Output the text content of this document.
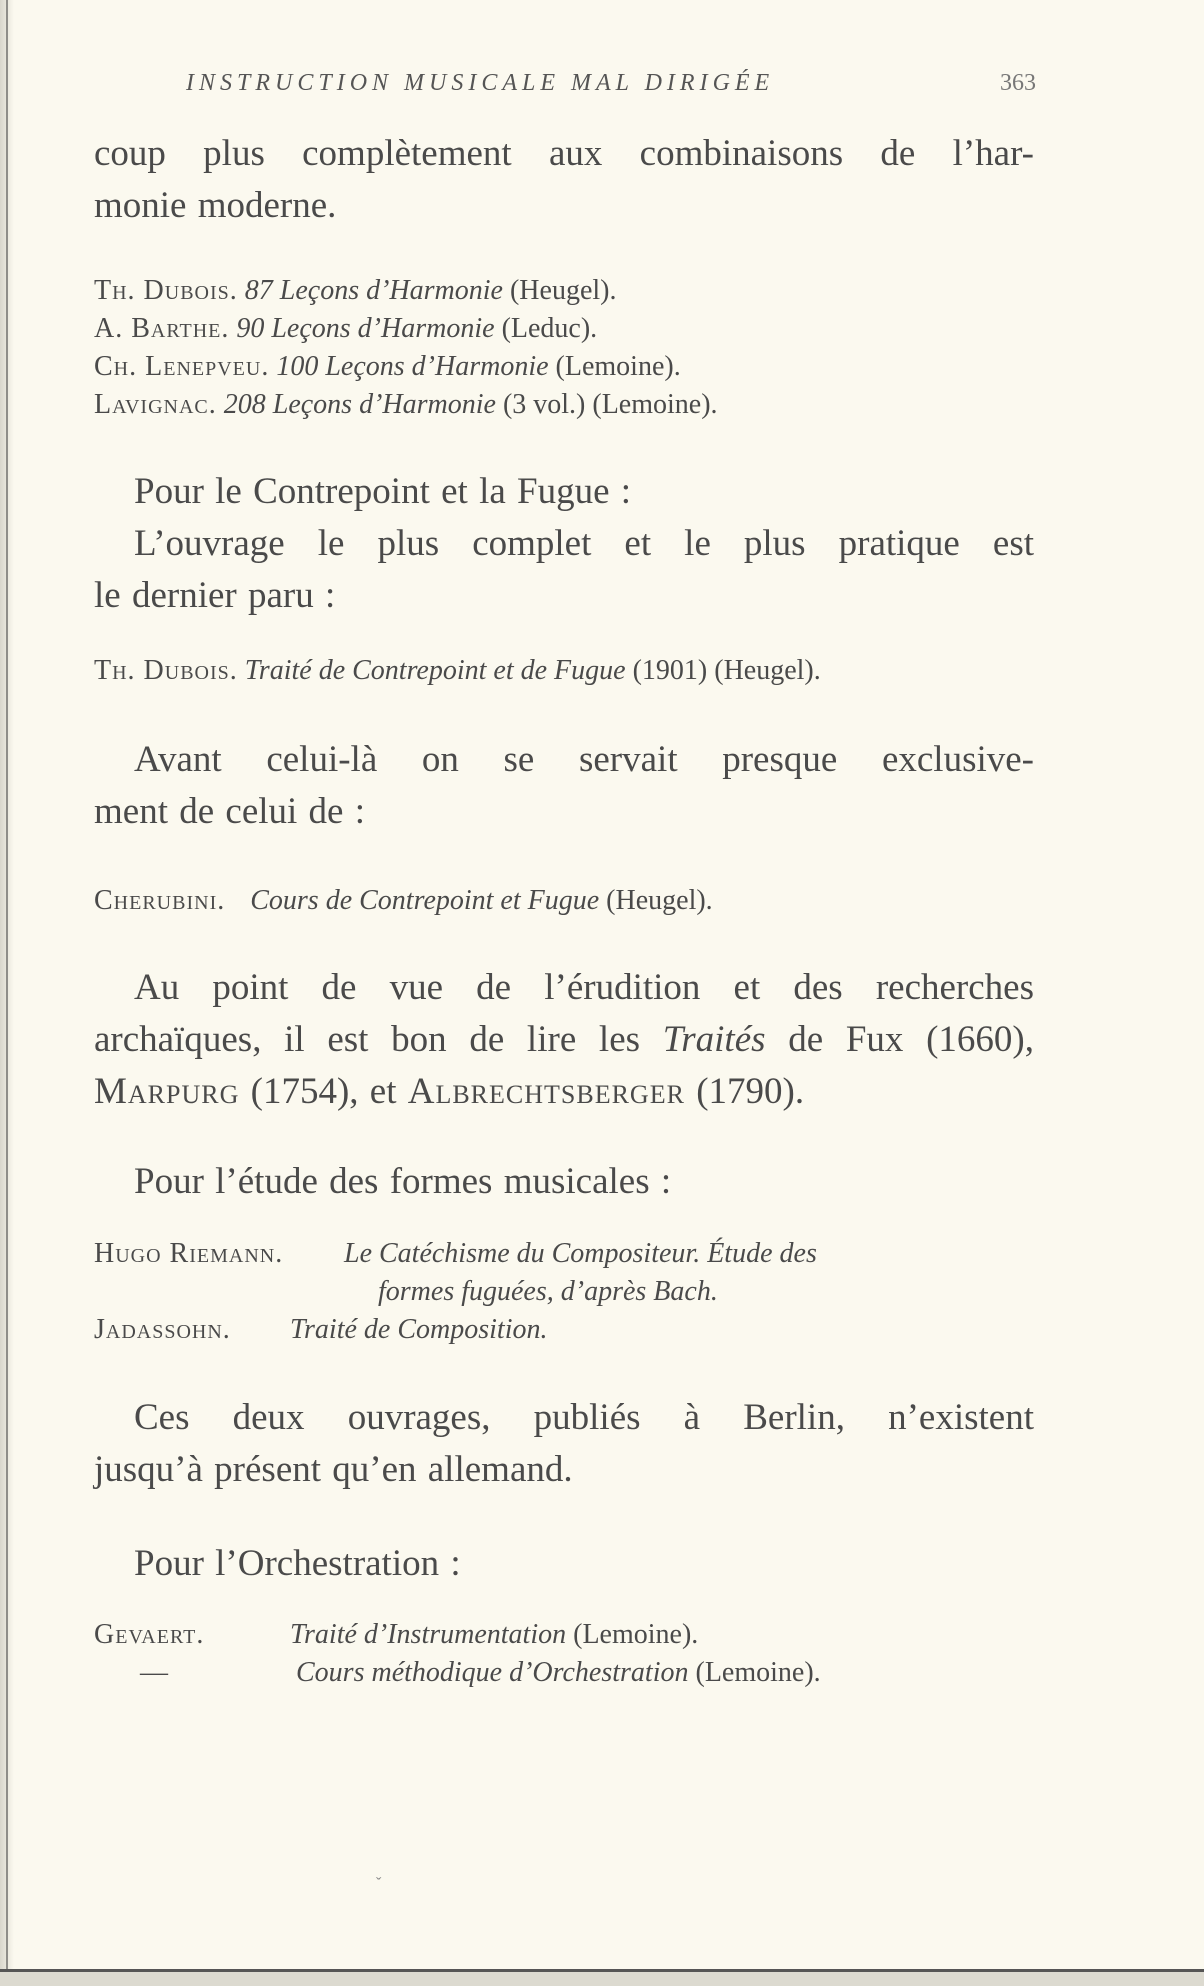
INSTRUCTION MUSICALE MAL DIRIGÉE	363
coup plus complètement aux combinaisons de l’har-
monie moderne.
Th. Dubois. 87 Leçons d’Harmonie (Heugel).
A. Barthe. 90 Leçons d’Harmonie (Leduc).
Ch. Lenepveu. 100 Leçons d’Harmonie (Lemoine).
Lavignac. 208 Leçons d’Harmonie (3 vol.) (Lemoine).
Pour le Contrepoint et la Fugue :
L’ouvrage le plus complet et le plus pratique est
le dernier paru :
Th. Dubois. Traité de Contrepoint et de Fugue (1901) (Heugel).
Avant celui-là on se servait presque exclusive-
ment de celui de :
Cherubini. Cours de Contrepoint et Fugue (Heugel).
Au point de vue de l’érudition et des recherches
archaïques, il est bon de lire les Traités de Fux (1660),
Marpurg (1754), et Albrechtsberger (1790).
Pour l’étude des formes musicales :
Hugo Riemann. Le Catéchisme du Compositeur. Étude des
formes fuguées, d’après Bach.
Jadassohn. Traité de Composition.
Ces deux ouvrages, publiés à Berlin, n’existent
jusqu’à présent qu’en allemand.
Pour l’Orchestration :
Gevaert.	Traité d’Instrumentation (Lemoine).
—	Cours méthodique d’Orchestration (Lemoine).
ˇ
